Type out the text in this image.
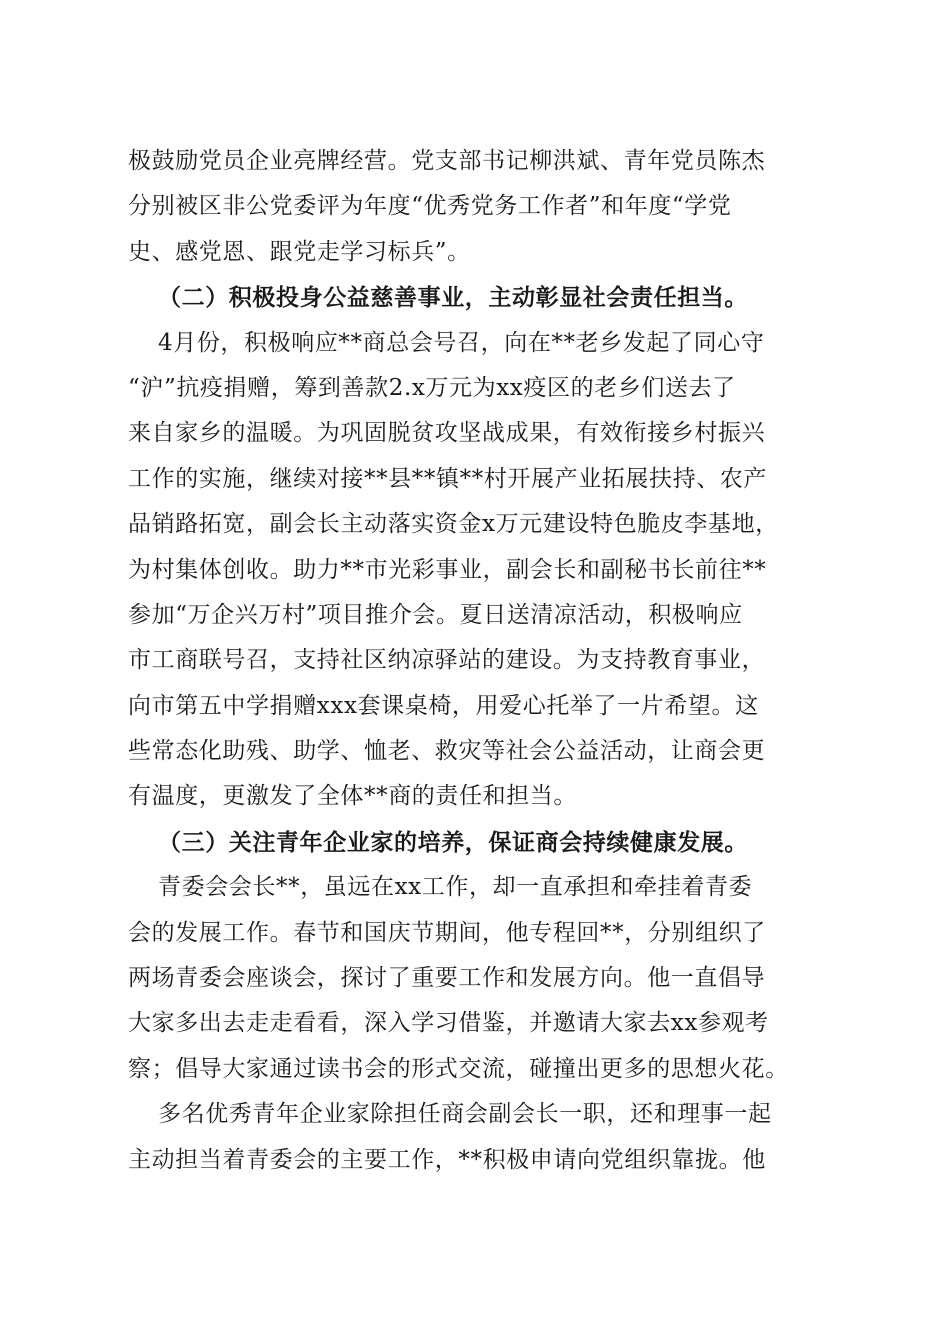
极鼓励党员企业亮牌经营。党支部书记柳洪斌、青年党员陈杰
分别被区非公党委评为年度“优秀党务工作者”和年度“学党
史、感党恩、跟党走学习标兵”。
（二）积极投身公益慈善事业，主动彰显社会责任担当。
4月份，积极响应**商总会号召，向在**老乡发起了同心守
“沪”抗疫捐赠，筹到善款2.x万元为xx疫区的老乡们送去了
来自家乡的温暖。为巩固脱贫攻坚战成果，有效衔接乡村振兴
工作的实施，继续对接**县**镇**村开展产业拓展扶持、农产
品销路拓宽，副会长主动落实资金x万元建设特色脆皮李基地，
为村集体创收。助力**市光彩事业，副会长和副秘书长前往**
参加“万企兴万村”项目推介会。夏日送清凉活动，积极响应
市工商联号召，支持社区纳凉驿站的建设。为支持教育事业，
向市第五中学捐赠xxx套课桌椅，用爱心托举了一片希望。这
些常态化助残、助学、恤老、救灾等社会公益活动，让商会更
有温度，更激发了全体**商的责任和担当。
（三）关注青年企业家的培养，保证商会持续健康发展。
青委会会长**，虽远在xx工作，却一直承担和牵挂着青委
会的发展工作。春节和国庆节期间，他专程回**，分别组织了
两场青委会座谈会，探讨了重要工作和发展方向。他一直倡导
大家多出去走走看看，深入学习借鉴，并邀请大家去xx参观考
察；倡导大家通过读书会的形式交流，碰撞出更多的思想火花。
多名优秀青年企业家除担任商会副会长一职，还和理事一起
主动担当着青委会的主要工作，**积极申请向党组织靠拢。他
